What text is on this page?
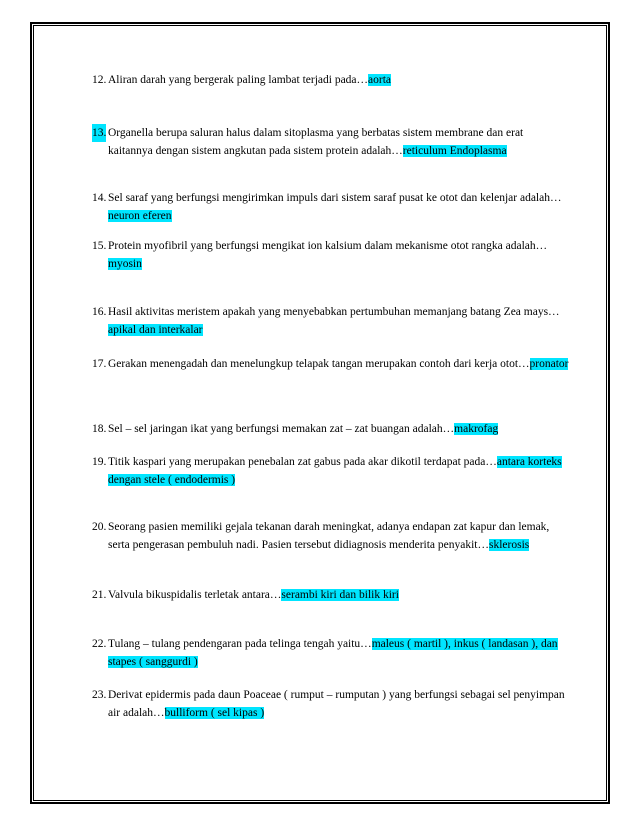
12. Aliran darah yang bergerak paling lambat terjadi pada…aorta
13. Organella berupa saluran halus dalam sitoplasma yang berbatas sistem membrane dan erat kaitannya dengan sistem angkutan pada sistem protein adalah…reticulum Endoplasma
14. Sel saraf yang berfungsi mengirimkan impuls dari sistem saraf pusat ke otot dan kelenjar adalah…neuron eferen
15. Protein myofibril yang berfungsi mengikat ion kalsium dalam mekanisme otot rangka adalah…myosin
16. Hasil aktivitas meristem apakah yang menyebabkan pertumbuhan memanjang batang Zea mays…apikal dan interkalar
17. Gerakan menengadah dan menelungkup telapak tangan merupakan contoh dari kerja otot…pronator
18. Sel – sel jaringan ikat yang berfungsi memakan zat – zat buangan adalah…makrofag
19. Titik kaspari yang merupakan penebalan zat gabus pada akar dikotil terdapat pada…antara korteks dengan stele ( endodermis )
20. Seorang pasien memiliki gejala tekanan darah meningkat, adanya endapan zat kapur dan lemak, serta pengerasan pembuluh nadi. Pasien tersebut didiagnosis menderita penyakit…sklerosis
21. Valvula bikuspidalis terletak antara…serambi kiri dan bilik kiri
22. Tulang – tulang pendengaran pada telinga tengah yaitu…maleus ( martil ), inkus ( landasan ), dan stapes ( sanggurdi )
23. Derivat epidermis pada daun Poaceae ( rumput – rumputan ) yang berfungsi sebagai sel penyimpan air adalah…bulliform ( sel kipas )
